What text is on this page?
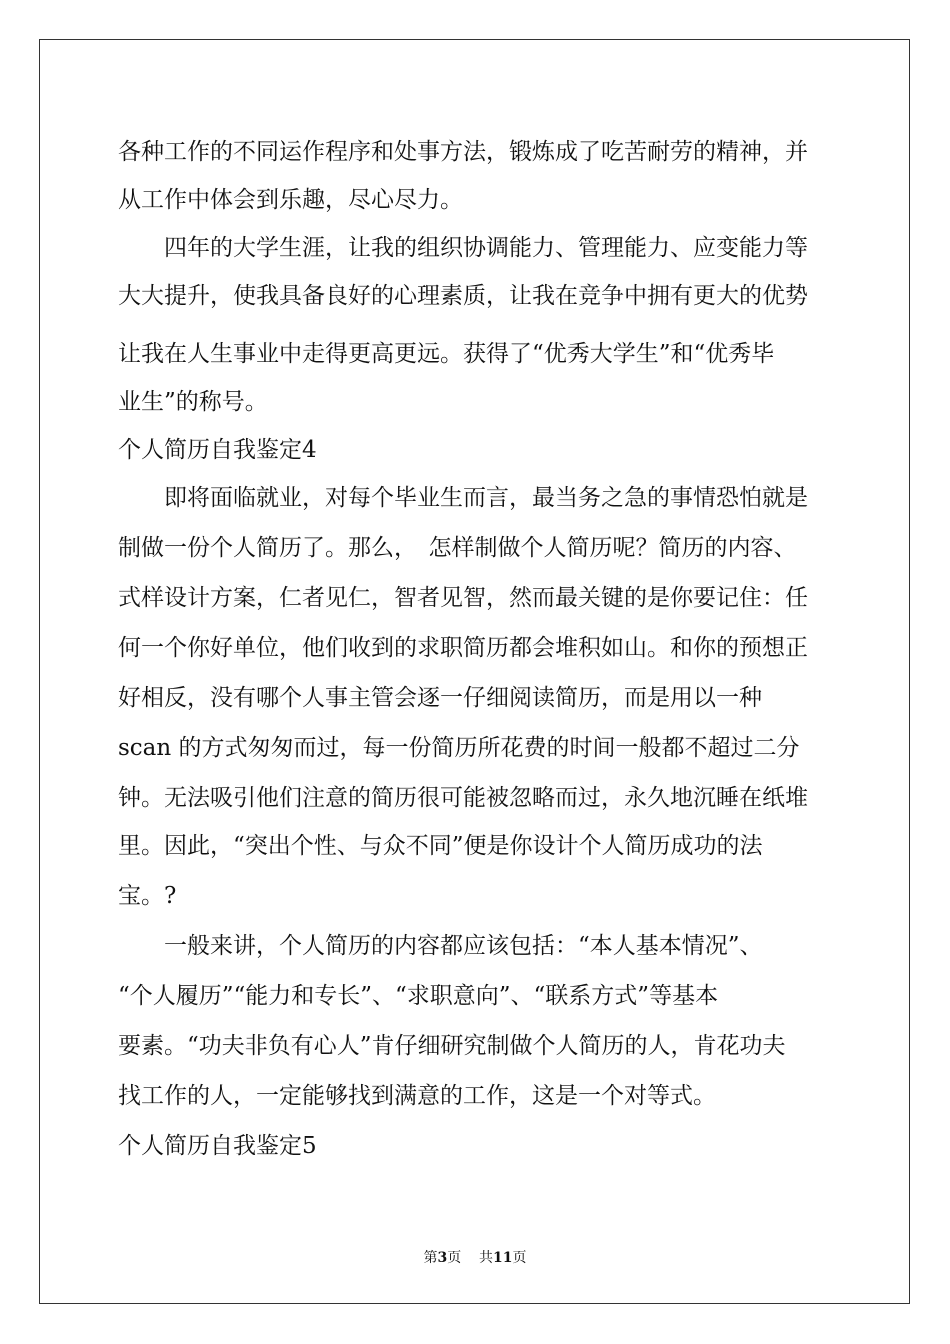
各种工作的不同运作程序和处事方法，锻炼成了吃苦耐劳的精神，并
从工作中体会到乐趣，尽心尽力。
　　四年的大学生涯，让我的组织协调能力、管理能力、应变能力等
大大提升，使我具备良好的心理素质，让我在竞争中拥有更大的优势
让我在人生事业中走得更高更远。获得了“优秀大学生”和“优秀毕
业生”的称号。
个人简历自我鉴定4
　　即将面临就业，对每个毕业生而言，最当务之急的事情恐怕就是
制做一份个人简历了。那么，　怎样制做个人简历呢？简历的内容、
式样设计方案，仁者见仁，智者见智，然而最关键的是你要记住：任
何一个你好单位，他们收到的求职简历都会堆积如山。和你的预想正
好相反，没有哪个人事主管会逐一仔细阅读简历，而是用以一种
scan 的方式匆匆而过，每一份简历所花费的时间一般都不超过二分
钟。无法吸引他们注意的简历很可能被忽略而过，永久地沉睡在纸堆
里。因此，“突出个性、与众不同”便是你设计个人简历成功的法
宝。?
　　一般来讲，个人简历的内容都应该包括：“本人基本情况”、
“个人履历”“能力和专长”、“求职意向”、“联系方式”等基本
要素。“功夫非负有心人”肯仔细研究制做个人简历的人，肯花功夫
找工作的人，一定能够找到满意的工作，这是一个对等式。
个人简历自我鉴定5
第3页 共11页
